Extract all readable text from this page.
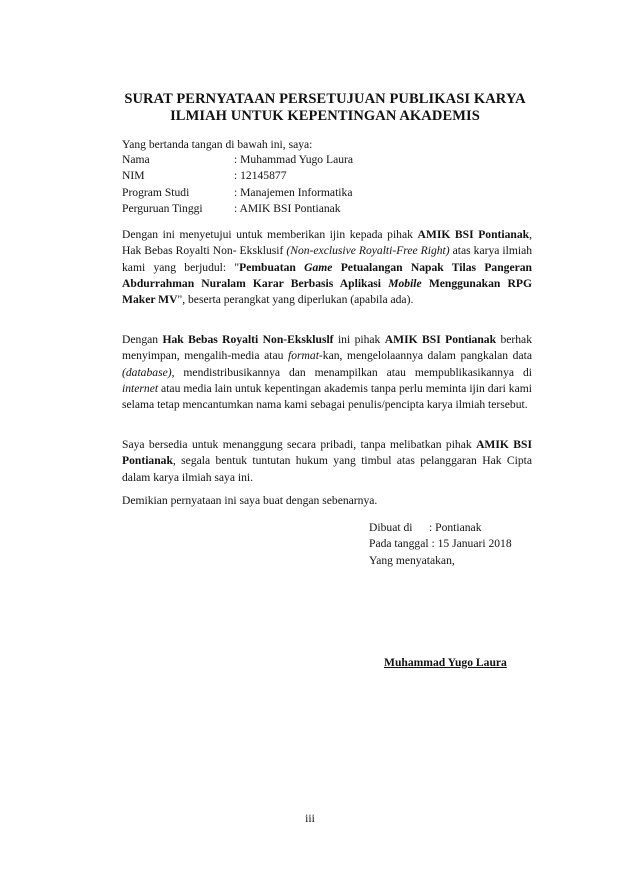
SURAT PERNYATAAN PERSETUJUAN PUBLIKASI KARYA
ILMIAH UNTUK KEPENTINGAN AKADEMIS
Yang bertanda tangan di bawah ini, saya:
Nama	: Muhammad Yugo Laura
NIM	: 12145877
Program Studi	: Manajemen Informatika
Perguruan Tinggi	: AMIK BSI Pontianak
Dengan ini menyetujui untuk memberikan ijin kepada pihak AMIK BSI Pontianak, Hak Bebas Royalti Non- Eksklusif (Non-exclusive Royalti-Free Right) atas karya ilmiah kami yang berjudul: "Pembuatan Game Petualangan Napak Tilas Pangeran Abdurrahman Nuralam Karar Berbasis Aplikasi Mobile Menggunakan RPG Maker MV", beserta perangkat yang diperlukan (apabila ada).
Dengan Hak Bebas Royalti Non-Ekskluslf ini pihak AMIK BSI Pontianak berhak menyimpan, mengalih-media atau format-kan, mengelolaannya dalam pangkalan data (database), mendistribusikannya dan menampilkan atau mempublikasikannya di internet atau media lain untuk kepentingan akademis tanpa perlu meminta ijin dari kami selama tetap mencantumkan nama kami sebagai penulis/pencipta karya ilmiah tersebut.
Saya bersedia untuk menanggung secara pribadi, tanpa melibatkan pihak AMIK BSI Pontianak, segala bentuk tuntutan hukum yang timbul atas pelanggaran Hak Cipta dalam karya ilmiah saya ini.
Demikian pernyataan ini saya buat dengan sebenarnya.
Dibuat di	: Pontianak
Pada tanggal : 15 Januari 2018
Yang menyatakan,
Muhammad Yugo Laura
iii
